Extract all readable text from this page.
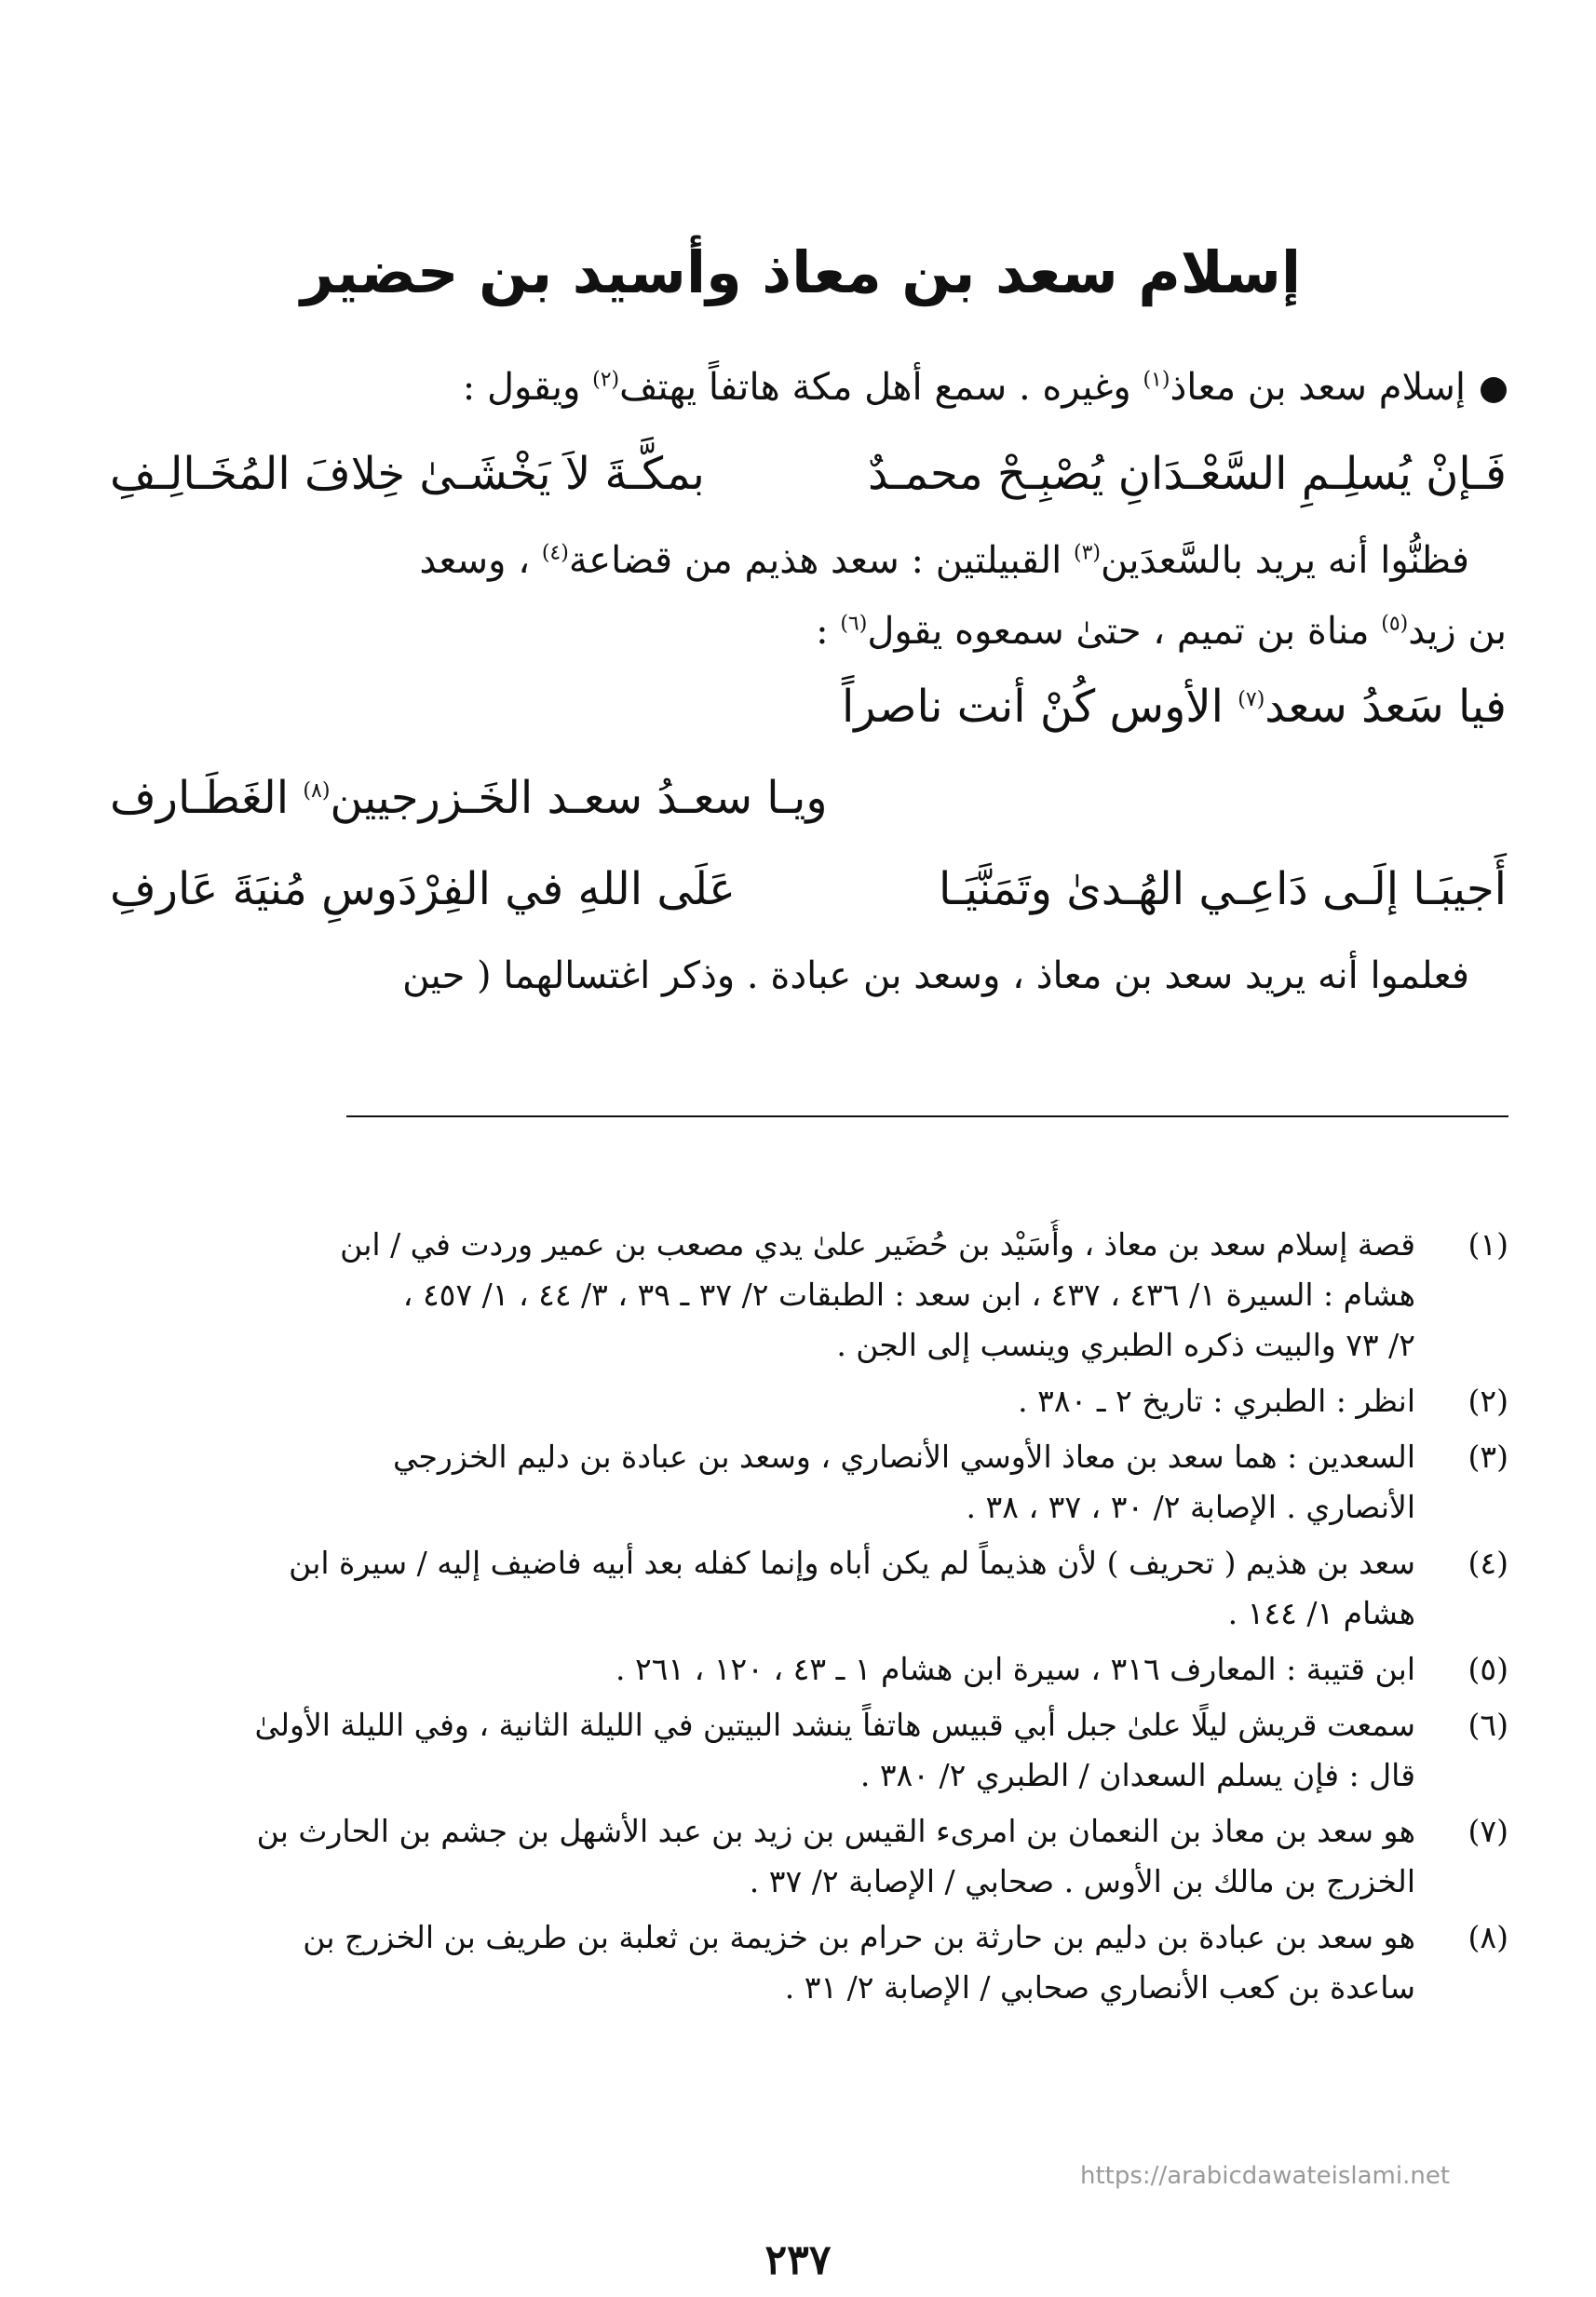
إسلام سعد بن معاذ وأسيد بن حضير
إسلام سعد بن معاذ$^{(١)}$ وغيره . سمع أهل مكة هاتفاً يهتف$^{(٢)}$ ويقول :
فَـإنْ يُسلِـمِ السَّعْـدَانِ يُصْبِـحْ محمـدٌ
بمكَّـةَ لاَ يَخْشَـىٰ خِلافَ المُخَـالِـفِ
فظنُّوا أنه يريد بالسَّعدَين$^{(٣)}$ القبيلتين : سعد هذيم من قضاعة$^{(٤)}$ ، وسعد
بن زيد$^{(٥)}$ مناة بن تميم ، حتىٰ سمعوه يقول$^{(٦)}$ :
فيا سَعدُ سعد$^{(٧)}$ الأوس كُنْ أنت ناصراً
ويـا سعـدُ سعـد الخَـزرجيين$^{(٨)}$ الغَطَـارف
أَجيبَـا إلَـى دَاعِـي الهُـدىٰ وتَمَنَّيَـا
عَلَى اللهِ في الفِرْدَوسِ مُنيَةَ عَارفِ
فعلموا أنه يريد سعد بن معاذ ، وسعد بن عبادة . وذكر اغتسالهما ( حين
(١)
قصة إسلام سعد بن معاذ ، وأُسَيْد بن حُضَير علىٰ يدي مصعب بن عمير وردت في / ابن
هشام : السيرة ١/ ٤٣٦ ، ٤٣٧ ، ابن سعد : الطبقات ٢/ ٣٧ ـ ٣٩ ، ٣/ ٤٤ ، ١/ ٤٥٧ ،
٢/ ٧٣ والبيت ذكره الطبري وينسب إلى الجن .
(٢)
انظر : الطبري : تاريخ ٢ ـ ٣٨٠ .
(٣)
السعدين : هما سعد بن معاذ الأوسي الأنصاري ، وسعد بن عبادة بن دليم الخزرجي
الأنصاري . الإصابة ٢/ ٣٠ ، ٣٧ ، ٣٨ .
(٤)
سعد بن هذيم ( تحريف ) لأن هذيماً لم يكن أباه وإنما كفله بعد أبيه فاضيف إليه / سيرة ابن
هشام ١/ ١٤٤ .
(٥)
ابن قتيبة : المعارف ٣١٦ ، سيرة ابن هشام ١ ـ ٤٣ ، ١٢٠ ، ٢٦١ .
(٦)
سمعت قريش ليلًا علىٰ جبل أبي قبيس هاتفاً ينشد البيتين في الليلة الثانية ، وفي الليلة الأولىٰ
قال : فإن يسلم السعدان / الطبري ٢/ ٣٨٠ .
(٧)
هو سعد بن معاذ بن النعمان بن امرىء القيس بن زيد بن عبد الأشهل بن جشم بن الحارث بن
الخزرج بن مالك بن الأوس . صحابي / الإصابة ٢/ ٣٧ .
(٨)
هو سعد بن عبادة بن دليم بن حارثة بن حرام بن خزيمة بن ثعلبة بن طريف بن الخزرج بن
ساعدة بن كعب الأنصاري صحابي / الإصابة ٢/ ٣١ .
https://arabicdawateislami.net
٢٣٧
